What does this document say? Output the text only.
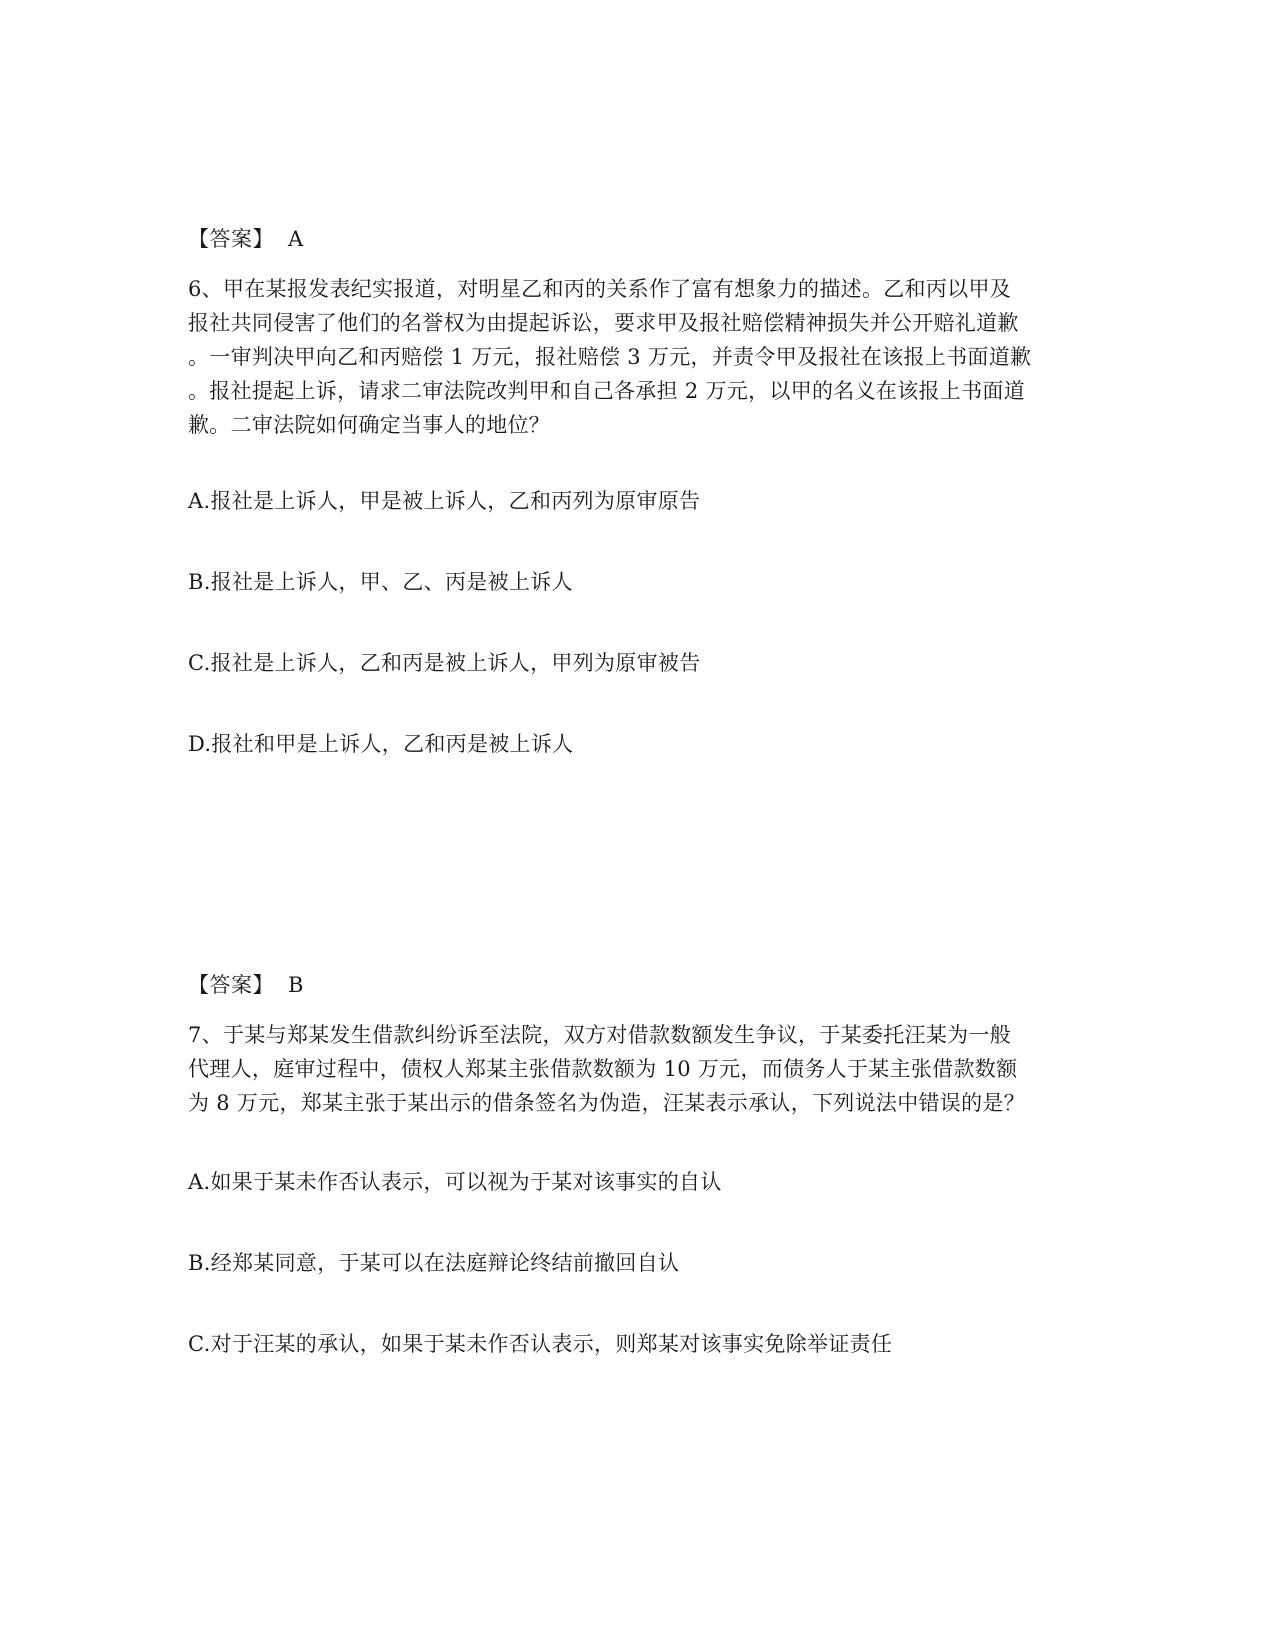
【答案】 A
6、甲在某报发表纪实报道，对明星乙和丙的关系作了富有想象力的描述。乙和丙以甲及
报社共同侵害了他们的名誉权为由提起诉讼，要求甲及报社赔偿精神损失并公开赔礼道歉
。一审判决甲向乙和丙赔偿 1 万元，报社赔偿 3 万元，并责令甲及报社在该报上书面道歉
。报社提起上诉，请求二审法院改判甲和自己各承担 2 万元，以甲的名义在该报上书面道
歉。二审法院如何确定当事人的地位？
A.报社是上诉人，甲是被上诉人，乙和丙列为原审原告
B.报社是上诉人，甲、乙、丙是被上诉人
C.报社是上诉人，乙和丙是被上诉人，甲列为原审被告
D.报社和甲是上诉人，乙和丙是被上诉人
【答案】 B
7、于某与郑某发生借款纠纷诉至法院，双方对借款数额发生争议，于某委托汪某为一般
代理人，庭审过程中，债权人郑某主张借款数额为 10 万元，而债务人于某主张借款数额
为 8 万元，郑某主张于某出示的借条签名为伪造，汪某表示承认，下列说法中错误的是？
A.如果于某未作否认表示，可以视为于某对该事实的自认
B.经郑某同意，于某可以在法庭辩论终结前撤回自认
C.对于汪某的承认，如果于某未作否认表示，则郑某对该事实免除举证责任
